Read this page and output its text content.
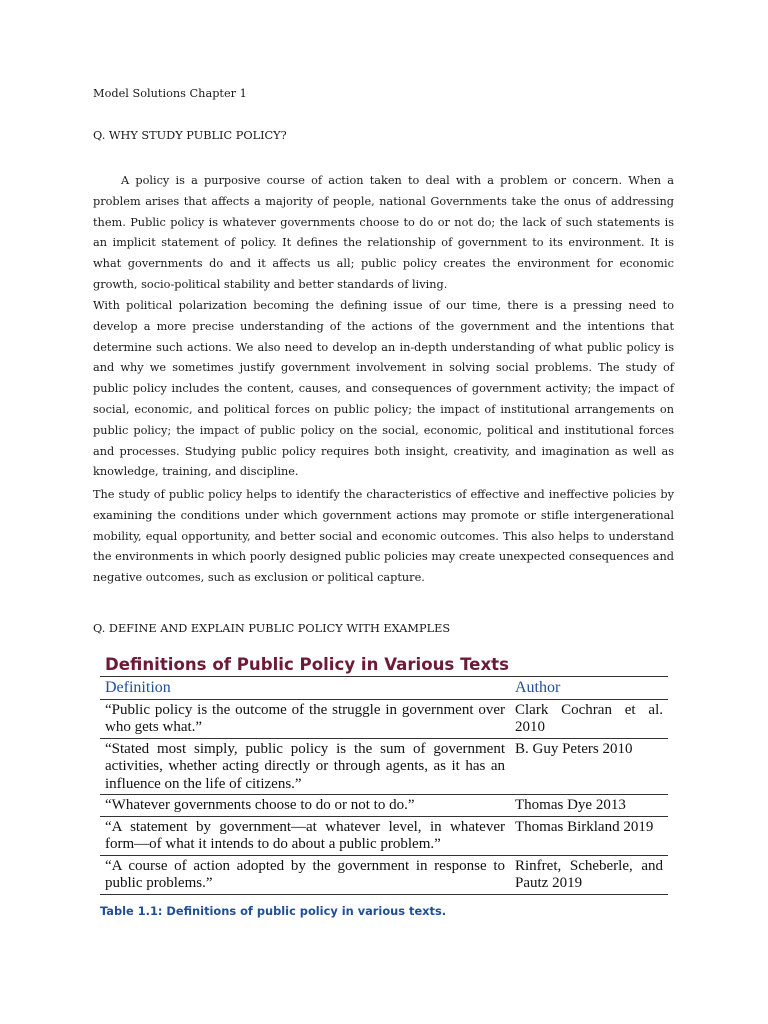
Model Solutions Chapter 1
Q. WHY STUDY PUBLIC POLICY?

A policy is a purposive course of action taken to deal with a problem or concern. When a problem arises that affects a majority of people, national Governments take the onus of addressing them. Public policy is whatever governments choose to do or not do; the lack of such statements is an implicit statement of policy. It defines the relationship of government to its environment. It is what governments do and it affects us all; public policy creates the environment for economic growth, socio-political stability and better standards of living.

With political polarization becoming the defining issue of our time, there is a pressing need to develop a more precise understanding of the actions of the government and the intentions that determine such actions. We also need to develop an in-depth understanding of what public policy is and why we sometimes justify government involvement in solving social problems. The study of public policy includes the content, causes, and consequences of government activity; the impact of social, economic, and political forces on public policy; the impact of institutional arrangements on public policy; the impact of public policy on the social, economic, political and institutional forces and processes. Studying public policy requires both insight, creativity, and imagination as well as knowledge, training, and discipline.

The study of public policy helps to identify the characteristics of effective and ineffective policies by examining the conditions under which government actions may promote or stifle intergenerational mobility, equal opportunity, and better social and economic outcomes. This also helps to understand the environments in which poorly designed public policies may create unexpected consequences and negative outcomes, such as exclusion or political capture.

Q. DEFINE AND EXPLAIN PUBLIC POLICY WITH EXAMPLES
Definitions of Public Policy in Various Texts
Definition	Author
“Public policy is the outcome of the struggle in government over who gets what.”	Clark Cochran et al. 2010
“Stated most simply, public policy is the sum of government activities, whether acting directly or through agents, as it has an influence on the life of citizens.”	B. Guy Peters 2010
“Whatever governments choose to do or not to do.”	Thomas Dye 2013
“A statement by government—at whatever level, in whatever form—of what it intends to do about a public problem.”	Thomas Birkland 2019
“A course of action adopted by the government in response to public problems.”	Rinfret, Scheberle, and Pautz 2019
Table 1.1: Definitions of public policy in various texts.
